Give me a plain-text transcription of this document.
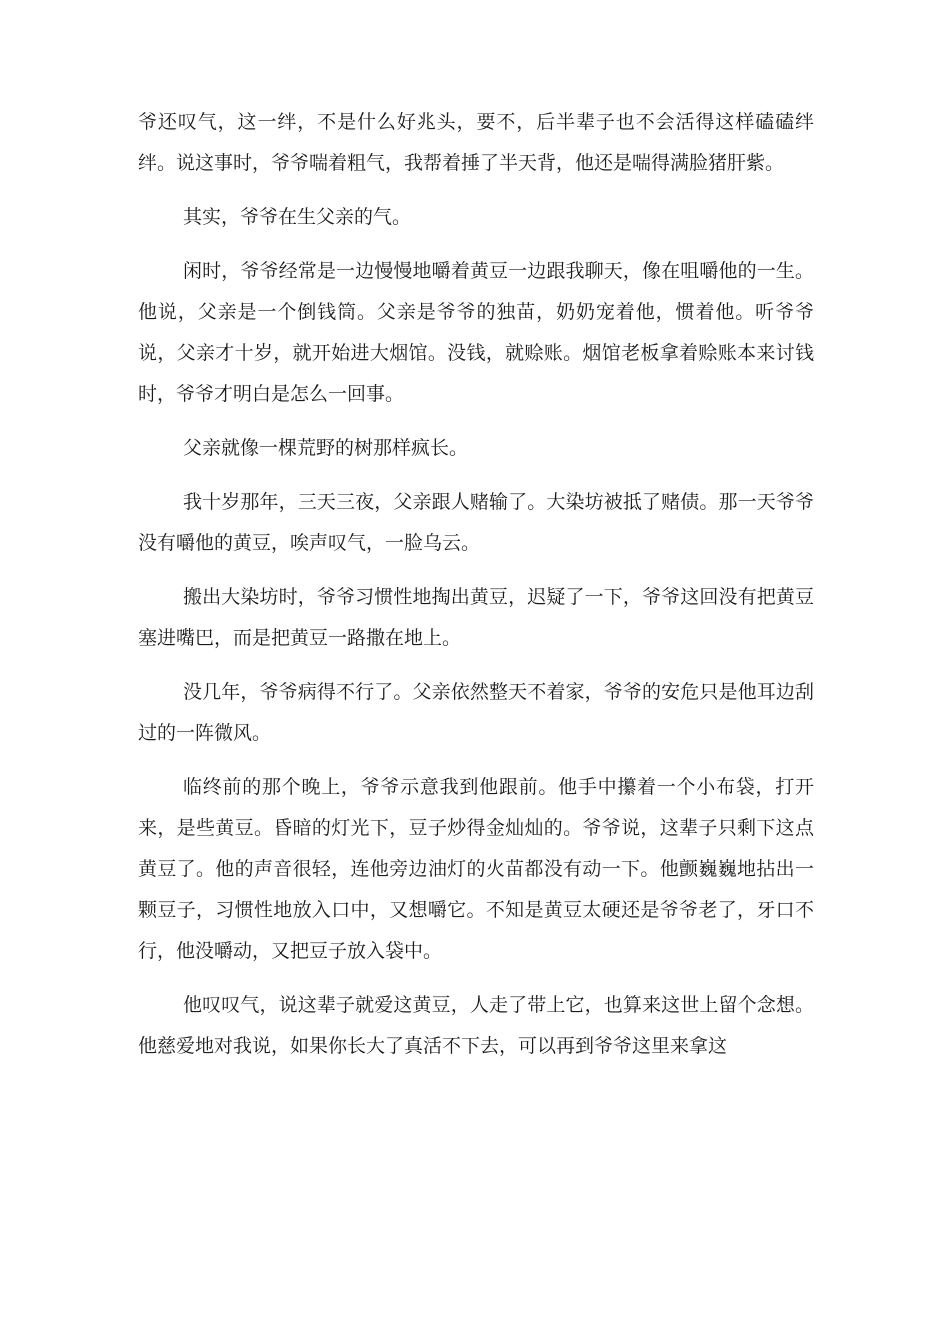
爷还叹气，这一绊，不是什么好兆头，要不，后半辈子也不会活得这样磕磕绊绊。说这事时，爷爷喘着粗气，我帮着捶了半天背，他还是喘得满脸猪肝紫。

其实，爷爷在生父亲的气。

闲时，爷爷经常是一边慢慢地嚼着黄豆一边跟我聊天，像在咀嚼他的一生。他说，父亲是一个倒钱筒。父亲是爷爷的独苗，奶奶宠着他，惯着他。听爷爷说，父亲才十岁，就开始进大烟馆。没钱，就赊账。烟馆老板拿着赊账本来讨钱时，爷爷才明白是怎么一回事。

父亲就像一棵荒野的树那样疯长。

我十岁那年，三天三夜，父亲跟人赌输了。大染坊被抵了赌债。那一天爷爷没有嚼他的黄豆，唉声叹气，一脸乌云。

搬出大染坊时，爷爷习惯性地掏出黄豆，迟疑了一下，爷爷这回没有把黄豆塞进嘴巴，而是把黄豆一路撒在地上。

没几年，爷爷病得不行了。父亲依然整天不着家，爷爷的安危只是他耳边刮过的一阵微风。

临终前的那个晚上，爷爷示意我到他跟前。他手中攥着一个小布袋，打开来，是些黄豆。昏暗的灯光下，豆子炒得金灿灿的。爷爷说，这辈子只剩下这点黄豆了。他的声音很轻，连他旁边油灯的火苗都没有动一下。他颤巍巍地拈出一颗豆子，习惯性地放入口中，又想嚼它。不知是黄豆太硬还是爷爷老了，牙口不行，他没嚼动，又把豆子放入袋中。

他叹叹气，说这辈子就爱这黄豆，人走了带上它，也算来这世上留个念想。他慈爱地对我说，如果你长大了真活不下去，可以再到爷爷这里来拿这
